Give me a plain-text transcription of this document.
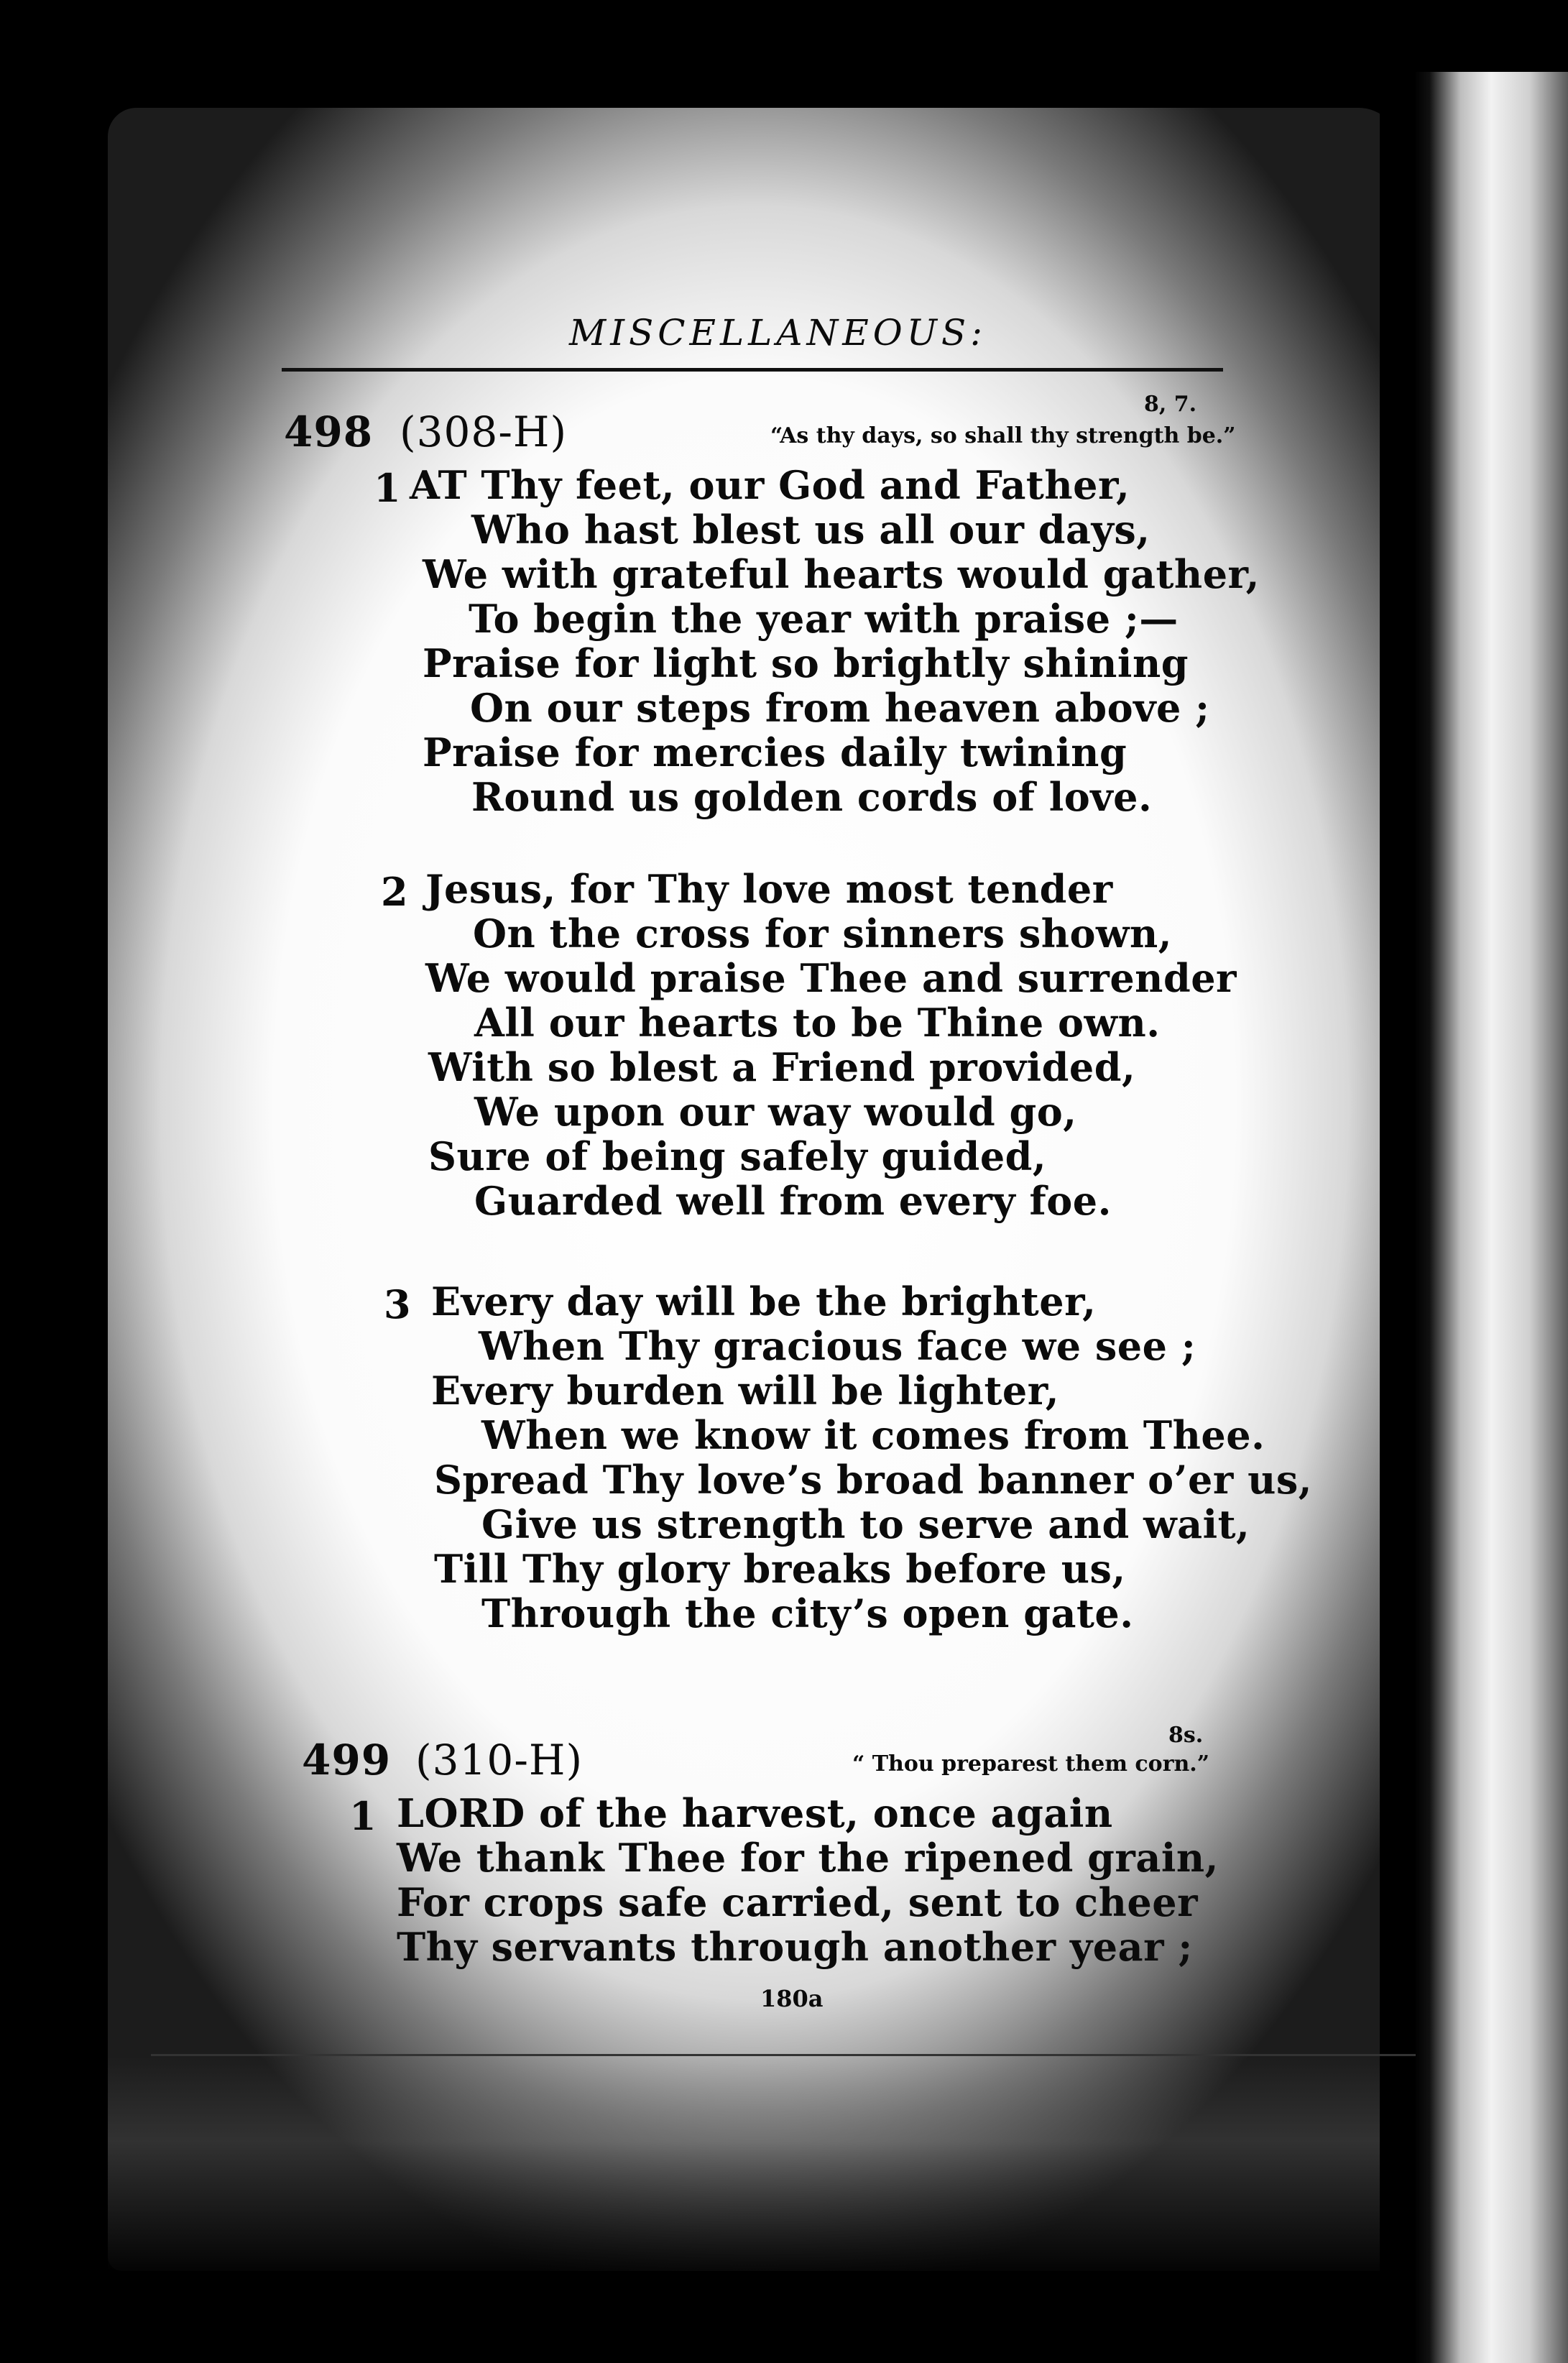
MISCELLANEOUS:
498 (308-H)
8, 7.
“As thy days, so shall thy strength be.”
1 AT Thy feet, our God and Father,
Who hast blest us all our days,
We with grateful hearts would gather,
To begin the year with praise ;—
Praise for light so brightly shining
On our steps from heaven above ;
Praise for mercies daily twining
Round us golden cords of love.
2 Jesus, for Thy love most tender
On the cross for sinners shown,
We would praise Thee and surrender
All our hearts to be Thine own.
With so blest a Friend provided,
We upon our way would go,
Sure of being safely guided,
Guarded well from every foe.
3 Every day will be the brighter,
When Thy gracious face we see ;
Every burden will be lighter,
When we know it comes from Thee.
Spread Thy love’s broad banner o’er us,
Give us strength to serve and wait,
Till Thy glory breaks before us,
Through the city’s open gate.
499 (310-H)
8s.
“ Thou preparest them corn.”
1 LORD of the harvest, once again
We thank Thee for the ripened grain,
For crops safe carried, sent to cheer
Thy servants through another year ;
180a
